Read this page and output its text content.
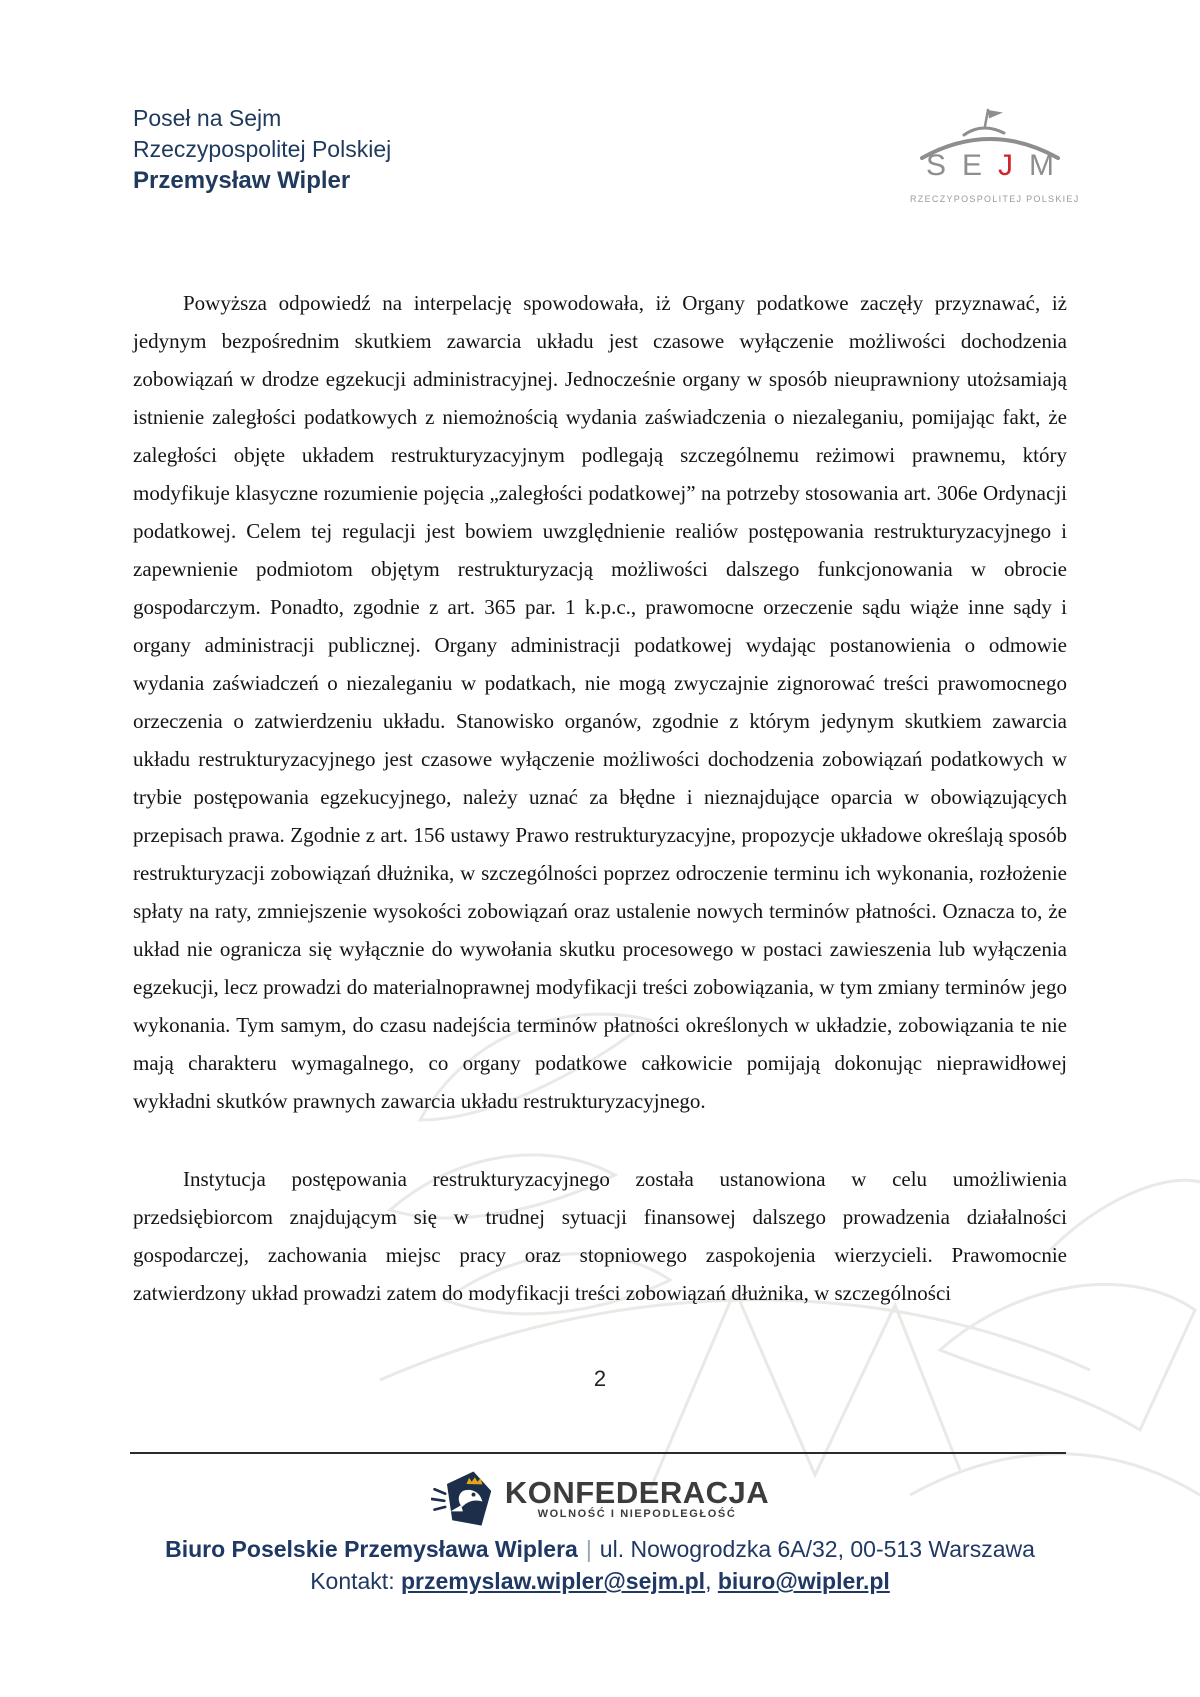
Poseł na Sejm
Rzeczypospolitej Polskiej
Przemysław Wipler	S E J M
RZECZYPOSPOLITEJ POLSKIEJ

Powyższa odpowiedź na interpelację spowodowała, iż Organy podatkowe zaczęły przyznawać, iż jedynym bezpośrednim skutkiem zawarcia układu jest czasowe wyłączenie możliwości dochodzenia zobowiązań w drodze egzekucji administracyjnej. Jednocześnie organy w sposób nieuprawniony utożsamiają istnienie zaległości podatkowych z niemożnością wydania zaświadczenia o niezaleganiu, pomijając fakt, że zaległości objęte układem restrukturyzacyjnym podlegają szczególnemu reżimowi prawnemu, który modyfikuje klasyczne rozumienie pojęcia „zaległości podatkowej” na potrzeby stosowania art. 306e Ordynacji podatkowej. Celem tej regulacji jest bowiem uwzględnienie realiów postępowania restrukturyzacyjnego i zapewnienie podmiotom objętym restrukturyzacją możliwości dalszego funkcjonowania w obrocie gospodarczym. Ponadto, zgodnie z art. 365 par. 1 k.p.c., prawomocne orzeczenie sądu wiąże inne sądy i organy administracji publicznej. Organy administracji podatkowej wydając postanowienia o odmowie wydania zaświadczeń o niezaleganiu w podatkach, nie mogą zwyczajnie zignorować treści prawomocnego orzeczenia o zatwierdzeniu układu. Stanowisko organów, zgodnie z którym jedynym skutkiem zawarcia układu restrukturyzacyjnego jest czasowe wyłączenie możliwości dochodzenia zobowiązań podatkowych w trybie postępowania egzekucyjnego, należy uznać za błędne i nieznajdujące oparcia w obowiązujących przepisach prawa. Zgodnie z art. 156 ustawy Prawo restrukturyzacyjne, propozycje układowe określają sposób restrukturyzacji zobowiązań dłużnika, w szczególności poprzez odroczenie terminu ich wykonania, rozłożenie spłaty na raty, zmniejszenie wysokości zobowiązań oraz ustalenie nowych terminów płatności. Oznacza to, że układ nie ogranicza się wyłącznie do wywołania skutku procesowego w postaci zawieszenia lub wyłączenia egzekucji, lecz prowadzi do materialnoprawnej modyfikacji treści zobowiązania, w tym zmiany terminów jego wykonania. Tym samym, do czasu nadejścia terminów płatności określonych w układzie, zobowiązania te nie mają charakteru wymagalnego, co organy podatkowe całkowicie pomijają dokonując nieprawidłowej wykładni skutków prawnych zawarcia układu restrukturyzacyjnego.

Instytucja postępowania restrukturyzacyjnego została ustanowiona w celu umożliwienia przedsiębiorcom znajdującym się w trudnej sytuacji finansowej dalszego prowadzenia działalności gospodarczej, zachowania miejsc pracy oraz stopniowego zaspokojenia wierzycieli. Prawomocnie zatwierdzony układ prowadzi zatem do modyfikacji treści zobowiązań dłużnika, w szczególności

2
KONFEDERACJA
WOLNOŚĆ I NIEPODLEGŁOŚĆ
Biuro Poselskie Przemysława Wiplera | ul. Nowogrodzka 6A/32, 00-513 Warszawa
Kontakt: przemyslaw.wipler@sejm.pl, biuro@wipler.pl
